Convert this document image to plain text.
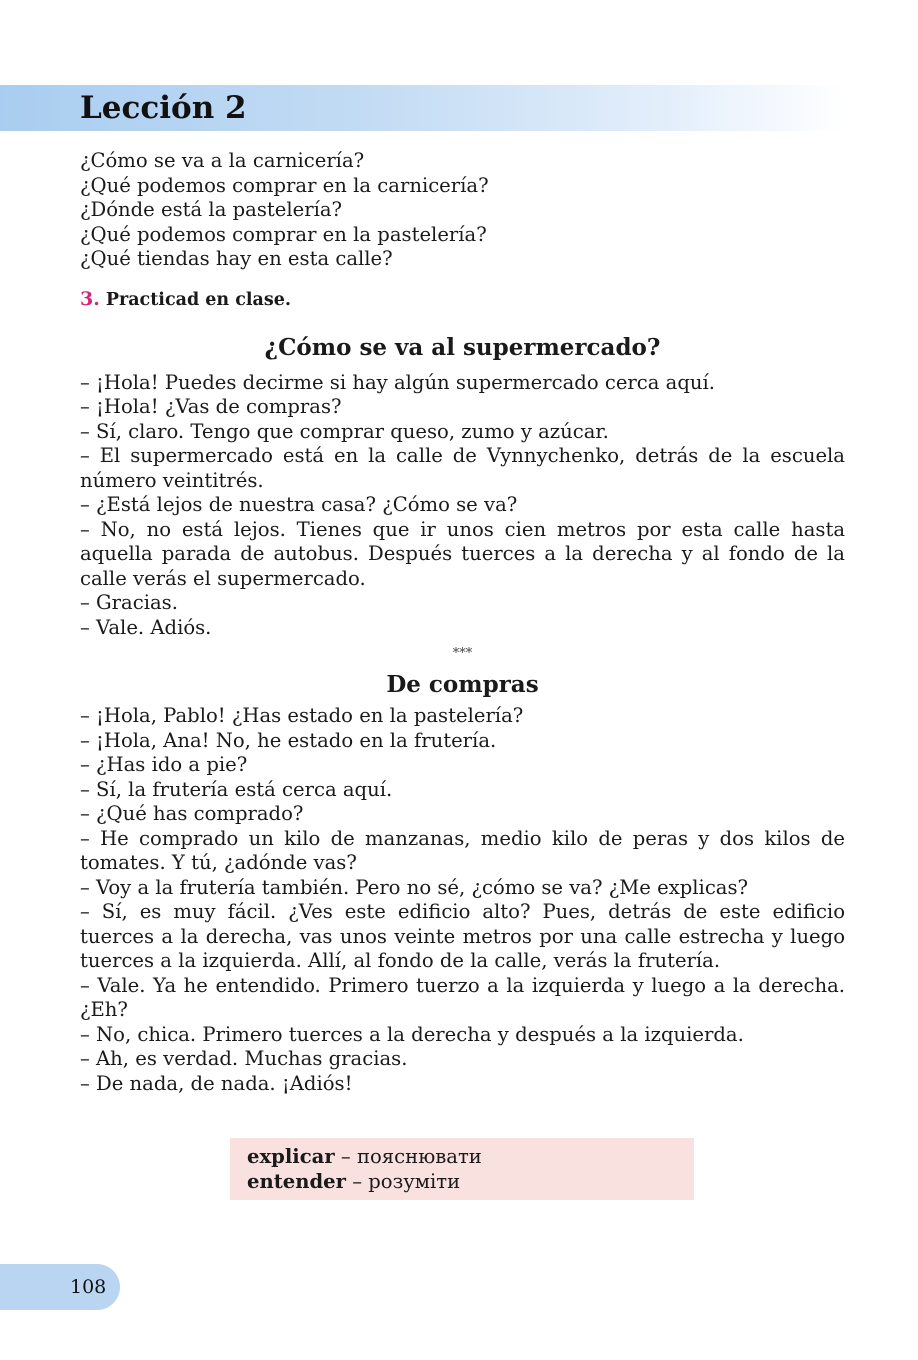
Lección 2
¿Cómo se va a la carnicería?
¿Qué podemos comprar en la carnicería?
¿Dónde está la pastelería?
¿Qué podemos comprar en la pastelería?
¿Qué tiendas hay en esta calle?
3. Practicad en clase.
¿Cómo se va al supermercado?
– ¡Hola! Puedes decirme si hay algún supermercado cerca aquí.
– ¡Hola! ¿Vas de compras?
– Sí, claro. Tengo que comprar queso, zumo y azúcar.
– El supermercado está en la calle de Vynnychenko, detrás de la escuela número veintitrés.
– ¿Está lejos de nuestra casa? ¿Cómo se va?
– No, no está lejos. Tienes que ir unos cien metros por esta calle hasta aquella parada de autobus. Después tuerces a la derecha y al fondo de la calle verás el supermercado.
– Gracias.
– Vale. Adiós.
***
De compras
– ¡Hola, Pablo! ¿Has estado en la pastelería?
– ¡Hola, Ana! No, he estado en la frutería.
– ¿Has ido a pie?
– Sí, la frutería está cerca aquí.
– ¿Qué has comprado?
– He comprado un kilo de manzanas, medio kilo de peras y dos kilos de tomates. Y tú, ¿adónde vas?
– Voy a la frutería también. Pero no sé, ¿cómo se va? ¿Me explicas?
– Sí, es muy fácil. ¿Ves este edificio alto? Pues, detrás de este edificio tuerces a la derecha, vas unos veinte metros por una calle estrecha y luego tuerces a la izquierda. Allí, al fondo de la calle, verás la frutería.
– Vale. Ya he entendido. Primero tuerzo a la izquierda y luego a la derecha. ¿Eh?
– No, chica. Primero tuerces a la derecha y después a la izquierda.
– Ah, es verdad. Muchas gracias.
– De nada, de nada. ¡Adiós!
explicar – пояснювати
entender – розуміти
108
